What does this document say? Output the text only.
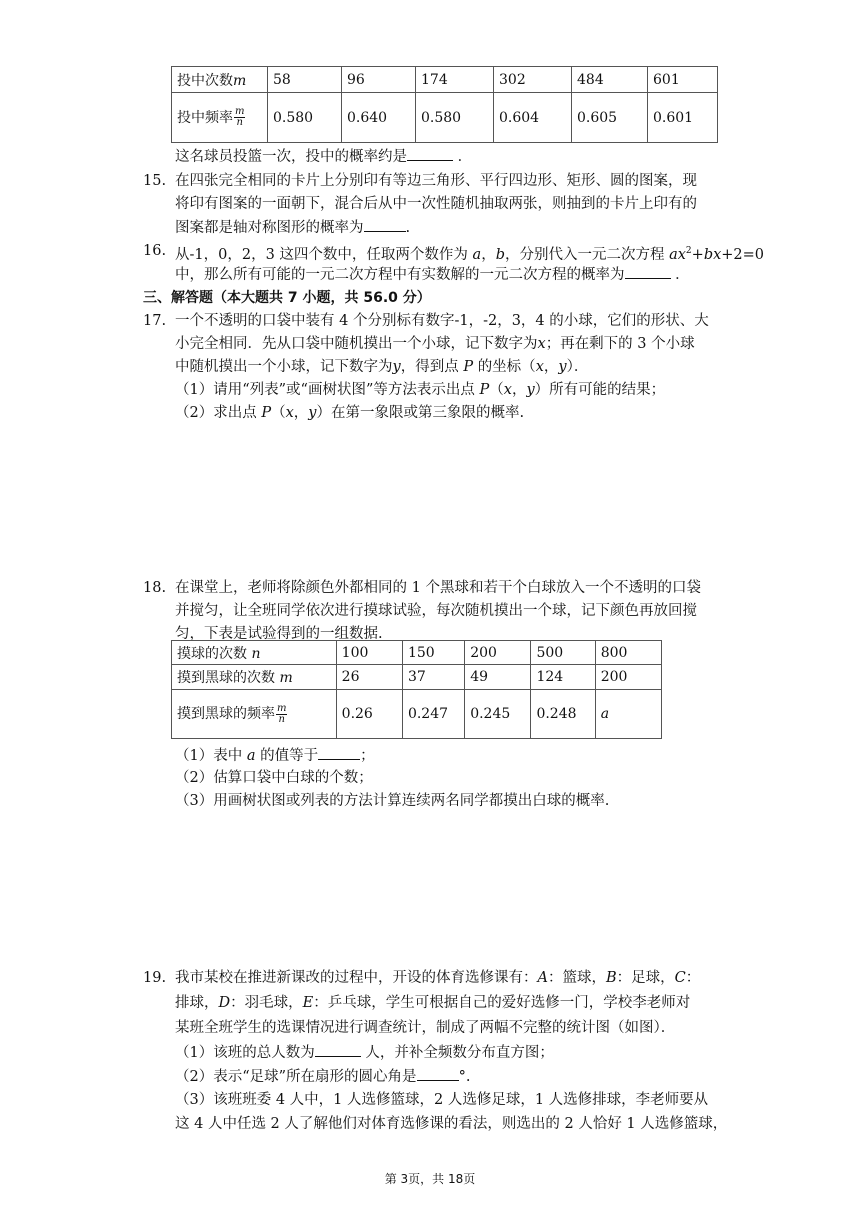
投中次数m	58	96	174	302	484	601
投中频率 $\frac{m}{n}$	0.580	0.640	0.580	0.604	0.605	0.601
这名球员投篮一次，投中的概率约是	．
15. 在四张完全相同的卡片上分别印有等边三角形、平行四边形、矩形、圆的图案，现
将印有图案的一面朝下，混合后从中一次性随机抽取两张，则抽到的卡片上印有的
图案都是轴对称图形的概率为	.
16. 从-1，0，2，3 这四个数中，任取两个数作为 a，b，分别代入一元二次方程 $ax^2+bx+2=0$
中，那么所有可能的一元二次方程中有实数解的一元二次方程的概率为	．
三、解答题（本大题共 7 小题，共 56.0 分）
17. 一个不透明的口袋中装有 4 个分别标有数字-1，-2，3，4 的小球，它们的形状、大
小完全相同．先从口袋中随机摸出一个小球，记下数字为x；再在剩下的 3 个小球
中随机摸出一个小球，记下数字为y，得到点 P 的坐标（x，y）．
（1）请用“列表”或“画树状图”等方法表示出点 P（x，y）所有可能的结果；
（2）求出点 P（x，y）在第一象限或第三象限的概率.
18. 在课堂上，老师将除颜色外都相同的 1 个黑球和若干个白球放入一个不透明的口袋
并搅匀，让全班同学依次进行摸球试验，每次随机摸出一个球，记下颜色再放回搅
匀，下表是试验得到的一组数据.
摸球的次数 n	100	150	200	500	800
摸到黑球的次数 m	26	37	49	124	200
摸到黑球的频率 $\frac{m}{n}$	0.26	0.247	0.245	0.248	a
（1）表中 a 的值等于	；
（2）估算口袋中白球的个数；
（3）用画树状图或列表的方法计算连续两名同学都摸出白球的概率.
19. 我市某校在推进新课改的过程中，开设的体育选修课有：A：篮球，B：足球，C：
排球，D：羽毛球，E：乒乓球，学生可根据自己的爱好选修一门，学校李老师对
某班全班学生的选课情况进行调查统计，制成了两幅不完整的统计图（如图）．
（1）该班的总人数为	人，并补全频数分布直方图；
（2）表示“足球”所在扇形的圆心角是	°.
（3）该班班委 4 人中，1 人选修篮球，2 人选修足球，1 人选修排球，李老师要从
这 4 人中任选 2 人了解他们对体育选修课的看法，则选出的 2 人恰好 1 人选修篮球，
第 3页，共 18页
